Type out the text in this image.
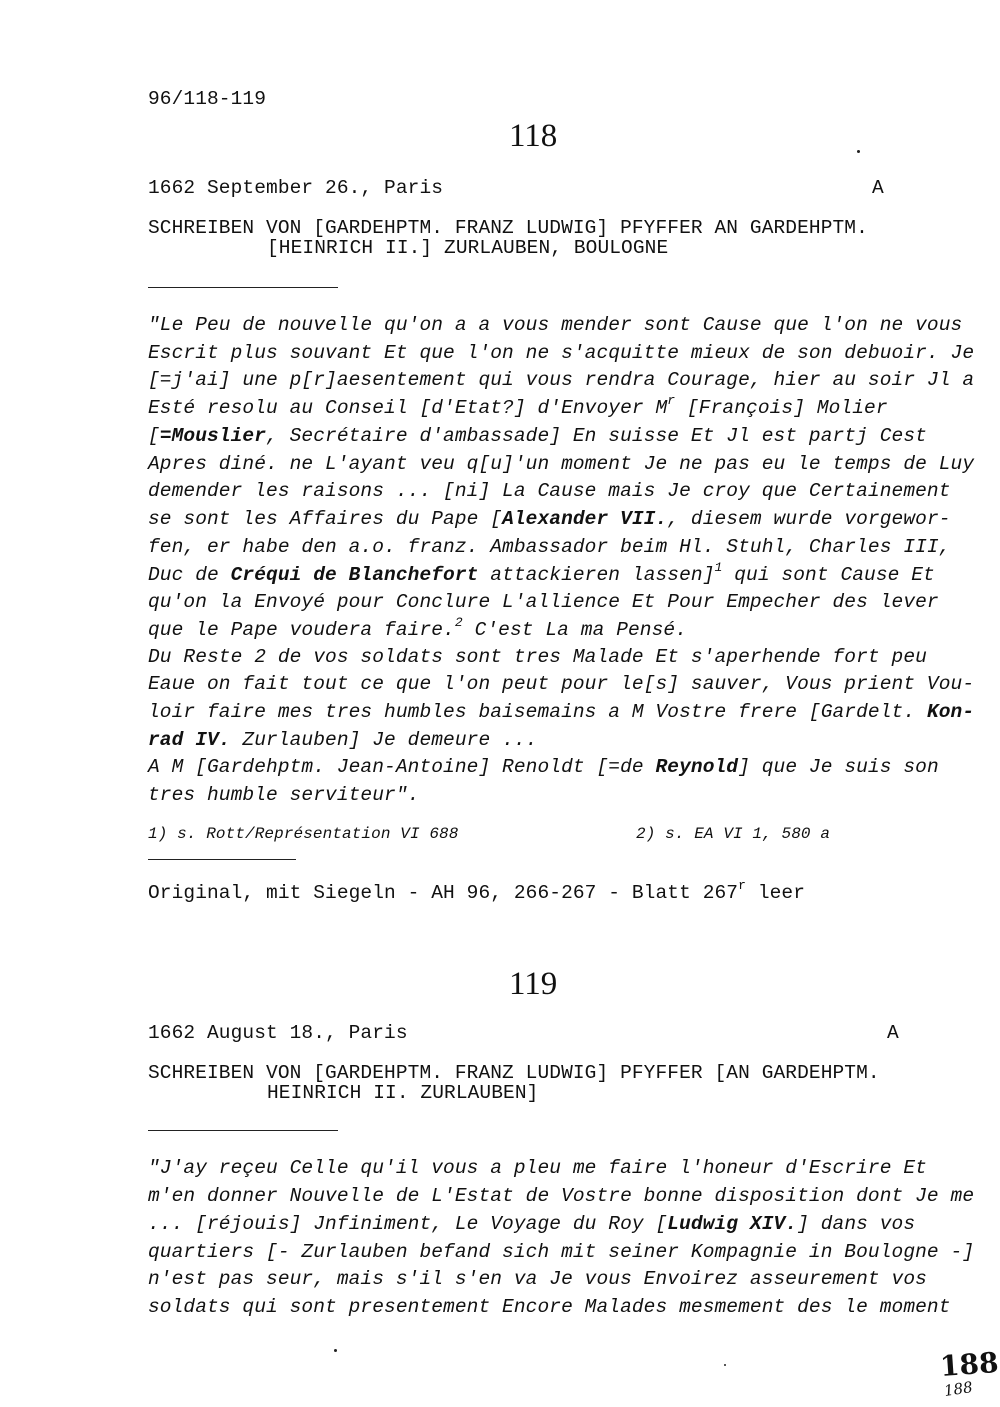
96/118-119
118
1662 September 26., Paris	A
SCHREIBEN VON [GARDEHPTM. FRANZ LUDWIG] PFYFFER AN GARDEHPTM.
[HEINRICH II.] ZURLAUBEN, BOULOGNE
"Le Peu de nouvelle qu'on a a vous mender sont Cause que l'on ne vous
Escrit plus souvant Et que l'on ne s'acquitte mieux de son debuoir. Je
[=j'ai] une p[r]aesentement qui vous rendra Courage, hier au soir Jl a
Esté resolu au Conseil [d'Etat?] d'Envoyer $M^r$ [François] Molier
[=Mouslier, Secrétaire d'ambassade] En suisse Et Jl est partj Cest
Apres diné. ne L'ayant veu q[u]'un moment Je ne pas eu le temps de Luy
demender les raisons ... [ni] La Cause mais Je croy que Certainement
se sont les Affaires du Pape [Alexander VII., diesem wurde vorgewor-
fen, er habe den a.o. franz. Ambassador beim Hl. Stuhl, Charles III,
Duc de Créqui de Blanchefort attackieren lassen]$^1$ qui sont Cause Et
qu'on la Envoyé pour Conclure L'allience Et Pour Empecher des lever
que le Pape voudera faire.$^2$ C'est La ma Pensé.
Du Reste 2 de vos soldats sont tres Malade Et s'aperhende fort peu
Eaue on fait tout ce que l'on peut pour le[s] sauver, Vous prient Vou-
loir faire mes tres humbles baisemains a M Vostre frere [Gardelt. Kon-
rad IV. Zurlauben] Je demeure ...
A M [Gardehptm. Jean-Antoine] Renoldt [=de Reynold] que Je suis son
tres humble serviteur".
1) s. Rott/Représentation VI 688	2) s. EA VI 1, 580 a
Original, mit Siegeln - AH 96, 266-267 - Blatt 267$^r$ leer
119
1662 August 18., Paris	A
SCHREIBEN VON [GARDEHPTM. FRANZ LUDWIG] PFYFFER [AN GARDEHPTM.
HEINRICH II. ZURLAUBEN]
"J'ay reçeu Celle qu'il vous a pleu me faire l'honeur d'Escrire Et
m'en donner Nouvelle de L'Estat de Vostre bonne disposition dont Je me
... [réjouis] Jnfiniment, Le Voyage du Roy [Ludwig XIV.] dans vos
quartiers [- Zurlauben befand sich mit seiner Kompagnie in Boulogne -]
n'est pas seur, mais s'il s'en va Je vous Envoirez asseurement vos
soldats qui sont presentement Encore Malades mesmement des le moment
188
188
